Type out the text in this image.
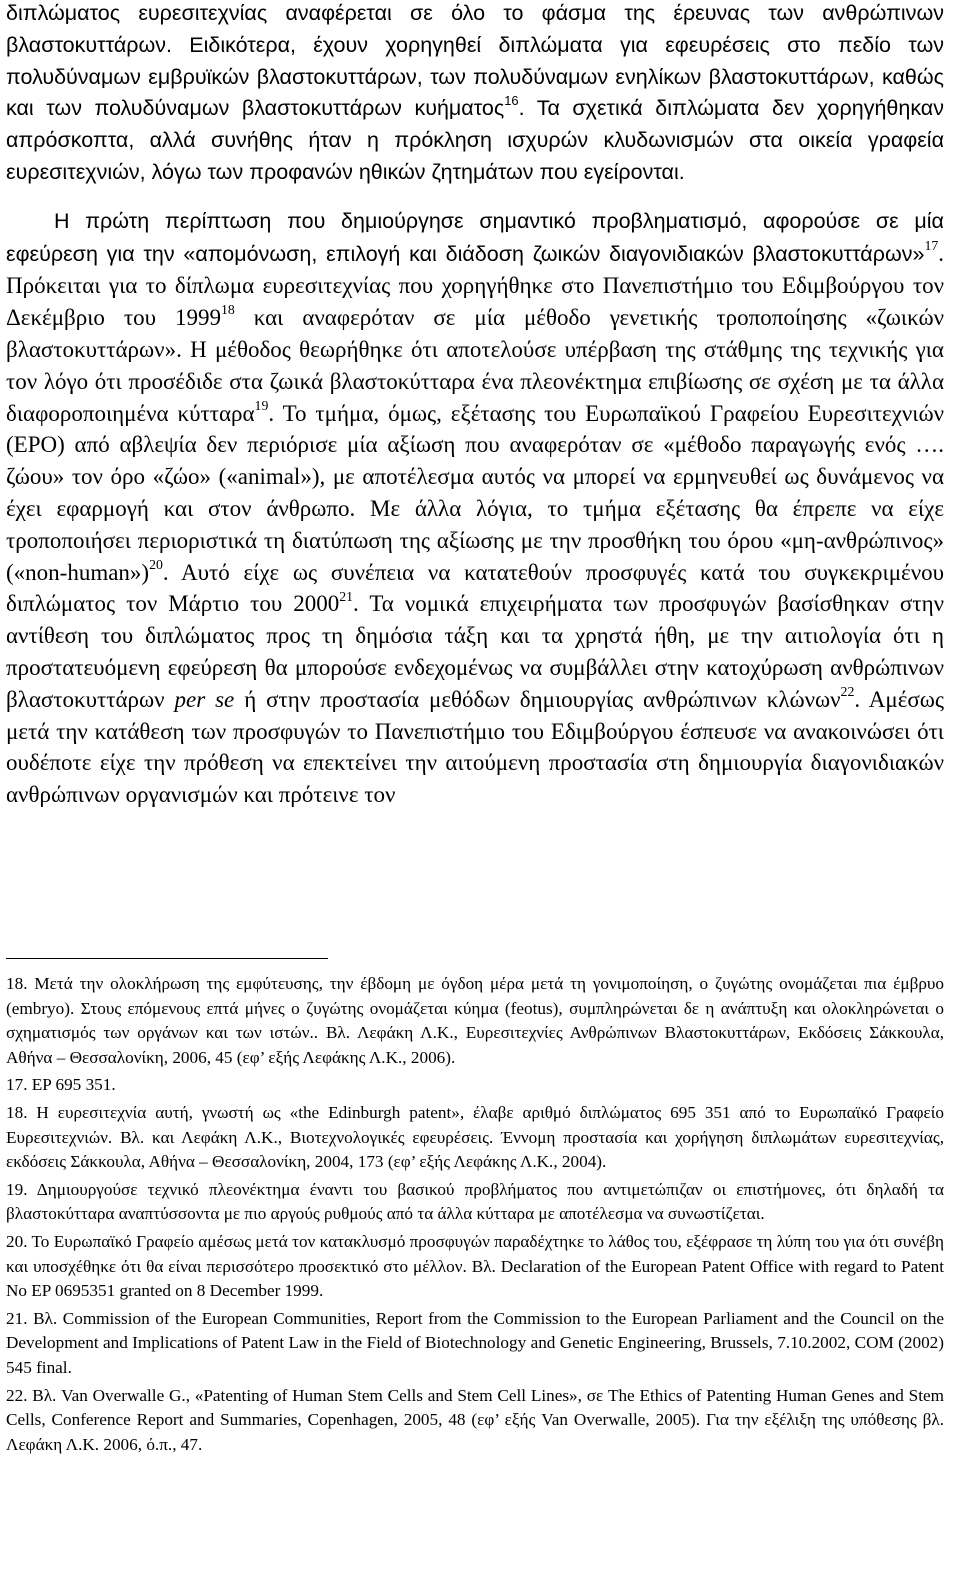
διπλώματος ευρεσιτεχνίας αναφέρεται σε όλο το φάσμα της έρευνας των ανθρώπινων βλαστοκυττάρων. Ειδικότερα, έχουν χορηγηθεί διπλώματα για εφευρέσεις στο πεδίο των πολυδύναμων εμβρυϊκών βλαστοκυττάρων, των πολυδύναμων ενηλίκων βλαστοκυττάρων, καθώς και των πολυδύναμων βλαστοκυττάρων κυήματος$^{16}$. Τα σχετικά διπλώματα δεν χορηγήθηκαν απρόσκοπτα, αλλά συνήθης ήταν η πρόκληση ισχυρών κλυδωνισμών στα οικεία γραφεία ευρεσιτεχνιών, λόγω των προφανών ηθικών ζητημάτων που εγείρονται.

Η πρώτη περίπτωση που δημιούργησε σημαντικό προβληματισμό, αφορούσε σε μία εφεύρεση για την «απομόνωση, επιλογή και διάδοση ζωικών διαγονιδιακών βλαστοκυττάρων»$^{17}$. Πρόκειται για το δίπλωμα ευρεσιτεχνίας που χορηγήθηκε στο Πανεπιστήμιο του Εδιμβούργου τον Δεκέμβριο του 1999$^{18}$ και αναφερόταν σε μία μέθοδο γενετικής τροποποίησης «ζωικών βλαστοκυττάρων». Η μέθοδος θεωρήθηκε ότι αποτελούσε υπέρβαση της στάθμης της τεχνικής για τον λόγο ότι προσέδιδε στα ζωικά βλαστοκύτταρα ένα πλεονέκτημα επιβίωσης σε σχέση με τα άλλα διαφοροποιημένα κύτταρα$^{19}$. Το τμήμα, όμως, εξέτασης του Ευρωπαϊκού Γραφείου Ευρεσιτεχνιών (EPO) από αβλεψία δεν περιόρισε μία αξίωση που αναφερόταν σε «μέθοδο παραγωγής ενός …. ζώου» τον όρο «ζώο» («animal»), με αποτέλεσμα αυτός να μπορεί να ερμηνευθεί ως δυνάμενος να έχει εφαρμογή και στον άνθρωπο. Με άλλα λόγια, το τμήμα εξέτασης θα έπρεπε να είχε τροποποιήσει περιοριστικά τη διατύπωση της αξίωσης με την προσθήκη του όρου «μη-ανθρώπινος» («non-human»)$^{20}$. Αυτό είχε ως συνέπεια να κατατεθούν προσφυγές κατά του συγκεκριμένου διπλώματος τον Μάρτιο του 2000$^{21}$. Τα νομικά επιχειρήματα των προσφυγών βασίσθηκαν στην αντίθεση του διπλώματος προς τη δημόσια τάξη και τα χρηστά ήθη, με την αιτιολογία ότι η προστατευόμενη εφεύρεση θα μπορούσε ενδεχομένως να συμβάλλει στην κατοχύρωση ανθρώπινων βλαστοκυττάρων per se ή στην προστασία μεθόδων δημιουργίας ανθρώπινων κλώνων$^{22}$. Αμέσως μετά την κατάθεση των προσφυγών το Πανεπιστήμιο του Εδιμβούργου έσπευσε να ανακοινώσει ότι ουδέποτε είχε την πρόθεση να επεκτείνει την αιτούμενη προστασία στη δημιουργία διαγονιδιακών ανθρώπινων οργανισμών και πρότεινε τον

18. Μετά την ολοκλήρωση της εμφύτευσης, την έβδομη με όγδοη μέρα μετά τη γονιμοποίηση, ο ζυγώτης ονομάζεται πια έμβρυο (embryo). Στους επόμενους επτά μήνες ο ζυγώτης ονομάζεται κύημα (feotus), συμπληρώνεται δε η ανάπτυξη και ολοκληρώνεται ο σχηματισμός των οργάνων και των ιστών.. Βλ. Λεφάκη Λ.Κ., Ευρεσιτεχνίες Ανθρώπινων Βλαστοκυττάρων, Εκδόσεις Σάκκουλα, Αθήνα – Θεσσαλονίκη, 2006, 45 (εφ’ εξής Λεφάκης Λ.Κ., 2006).

17. EP 695 351.

18. Η ευρεσιτεχνία αυτή, γνωστή ως «the Edinburgh patent», έλαβε αριθμό διπλώματος 695 351 από το Ευρωπαϊκό Γραφείο Ευρεσιτεχνιών. Βλ. και Λεφάκη Λ.Κ., Βιοτεχνολογικές εφευρέσεις. Έννομη προστασία και χορήγηση διπλωμάτων ευρεσιτεχνίας, εκδόσεις Σάκκουλα, Αθήνα – Θεσσαλονίκη, 2004, 173 (εφ’ εξής Λεφάκης Λ.Κ., 2004).

19. Δημιουργούσε τεχνικό πλεονέκτημα έναντι του βασικού προβλήματος που αντιμετώπιζαν οι επιστήμονες, ότι δηλαδή τα βλαστοκύτταρα αναπτύσσοντα με πιο αργούς ρυθμούς από τα άλλα κύτταρα με αποτέλεσμα να συνωστίζεται.

20. Το Ευρωπαϊκό Γραφείο αμέσως μετά τον κατακλυσμό προσφυγών παραδέχτηκε το λάθος του, εξέφρασε τη λύπη του για ότι συνέβη και υποσχέθηκε ότι θα είναι περισσότερο προσεκτικό στο μέλλον. Βλ. Declaration of the European Patent Office with regard to Patent No EP 0695351 granted on 8 December 1999.

21. Βλ. Commission of the European Communities, Report from the Commission to the European Parliament and the Council on the Development and Implications of Patent Law in the Field of Biotechnology and Genetic Engineering, Brussels, 7.10.2002, COM (2002) 545 final.

22. Βλ. Van Overwalle G., «Patenting of Human Stem Cells and Stem Cell Lines», σε The Ethics of Patenting Human Genes and Stem Cells, Conference Report and Summaries, Copenhagen, 2005, 48 (εφ’ εξής Van Overwalle, 2005). Για την εξέλιξη της υπόθεσης βλ. Λεφάκη Λ.Κ. 2006, ό.π., 47.
